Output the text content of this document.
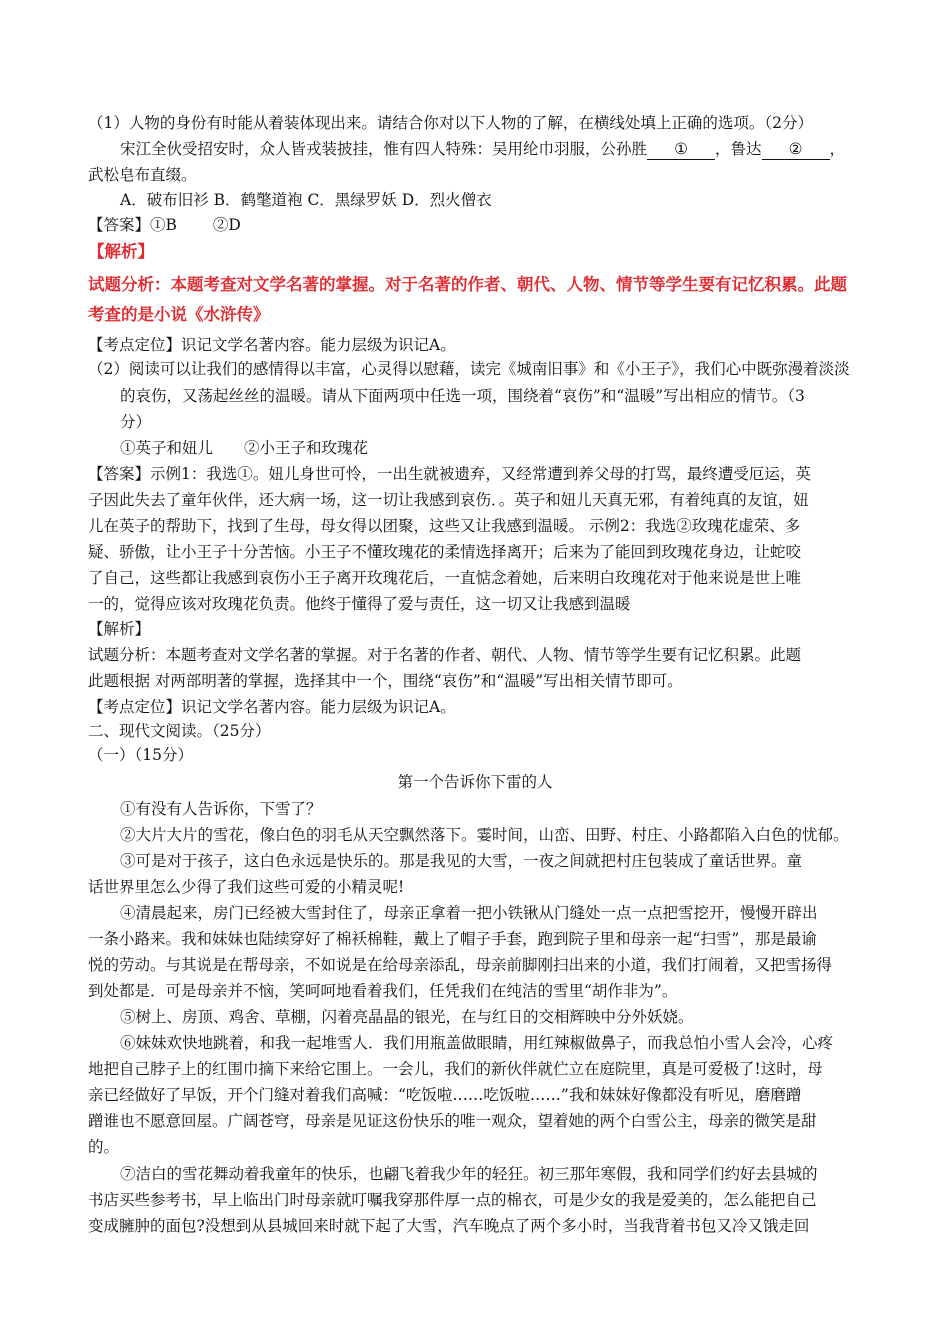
（1）人物的身份有时能从着装体现出来。请结合你对以下人物的了解，在横线处填上正确的选项。（2分）
宋江全伙受招安时，众人皆戎装披挂，惟有四人特殊：吴用纶巾羽服，公孙胜 ① ，鲁达 ② ，
武松皂布直缀。
A．破布旧衫 B．鹤氅道袍 C．黑绿罗妖 D．烈火僧衣
【答案】①B　　 ②D
【解析】
试题分析：本题考查对文学名著的掌握。对于名著的作者、朝代、人物、情节等学生要有记忆积累。此题
考查的是小说《水浒传》
【考点定位】识记文学名著内容。能力层级为识记A。
（2）阅读可以让我们的感情得以丰富，心灵得以慰藉，读完《城南旧事》和《小王子》，我们心中既弥漫着淡淡
的哀伤，又荡起丝丝的温暖。请从下面两项中任选一项，围绕着“哀伤”和“温暖”写出相应的情节。（3
分）
①英子和妞儿　　②小王子和玫瑰花
【答案】示例1：我选①。妞儿身世可怜，一出生就被遗弃，又经常遭到养父母的打骂，最终遭受厄运，英
子因此失去了童年伙伴，还大病一场，这一切让我感到哀伤．。英子和妞儿天真无邪，有着纯真的友谊，妞
儿在英子的帮助下，找到了生母，母女得以团聚，这些又让我感到温暖。 示例2：我选②玫瑰花虚荣、多
疑、骄傲，让小王子十分苦恼。小王子不懂玫瑰花的柔情选择离开；后来为了能回到玫瑰花身边，让蛇咬
了自己，这些都让我感到哀伤小王子离开玫瑰花后，一直惦念着她，后来明白玫瑰花对于他来说是世上唯
一的，觉得应该对玫瑰花负责。他终于懂得了爱与责任，这一切又让我感到温暖
【解析】
试题分析：本题考查对文学名著的掌握。对于名著的作者、朝代、人物、情节等学生要有记忆积累。此题
此题根据 对两部明著的掌握，选择其中一个，围绕“哀伤”和“温暖”写出相关情节即可。
【考点定位】识记文学名著内容。能力层级为识记A。
二、现代文阅读。（25分）
（一）（15分）
第一个告诉你下雷的人
①有没有人告诉你，下雪了？
②大片大片的雪花，像白色的羽毛从天空飘然落下。霎时间，山峦、田野、村庄、小路都陷入白色的忧郁。
③可是对于孩子，这白色永远是快乐的。那是我见的大雪，一夜之间就把村庄包装成了童话世界。童
话世界里怎么少得了我们这些可爱的小精灵呢!
④清晨起来，房门已经被大雪封住了，母亲正拿着一把小铁锹从门缝处一点一点把雪挖开，慢慢开辟出
一条小路来。我和妹妹也陆续穿好了棉袄棉鞋，戴上了帽子手套，跑到院子里和母亲一起“扫雪”，那是最谕
悦的劳动。与其说是在帮母亲，不如说是在给母亲添乱，母亲前脚刚扫出来的小道，我们打闹着，又把雪扬得
到处都是．可是母亲并不恼，笑呵呵地看着我们，任凭我们在纯洁的雪里“胡作非为”。
⑤树上、房顶、鸡舍、草棚，闪着亮晶晶的银光，在与红日的交相辉映中分外妖娆。
⑥妹妹欢快地跳着，和我一起堆雪人．我们用瓶盖做眼睛，用红辣椒做鼻子，而我总怕小雪人会冷，心疼
地把自己脖子上的红围巾摘下来给它围上。一会儿，我们的新伙伴就伫立在庭院里，真是可爱极了!这时，母
亲已经做好了早饭，开个门缝对着我们高喊：“吃饭啦……吃饭啦……”我和妹妹好像都没有听见，磨磨蹭
蹭谁也不愿意回屋。广阔苍穹，母亲是见证这份快乐的唯一观众，望着她的两个白雪公主，母亲的微笑是甜
的。
⑦洁白的雪花舞动着我童年的快乐，也翩飞着我少年的轻狂。初三那年寒假，我和同学们约好去县城的
书店买些参考书，早上临出门时母亲就叮嘱我穿那件厚一点的棉衣，可是少女的我是爱美的，怎么能把自己
变成臃肿的面包?没想到从县城回来时就下起了大雪，汽车晚点了两个多小时，当我背着书包又冷又饿走回
